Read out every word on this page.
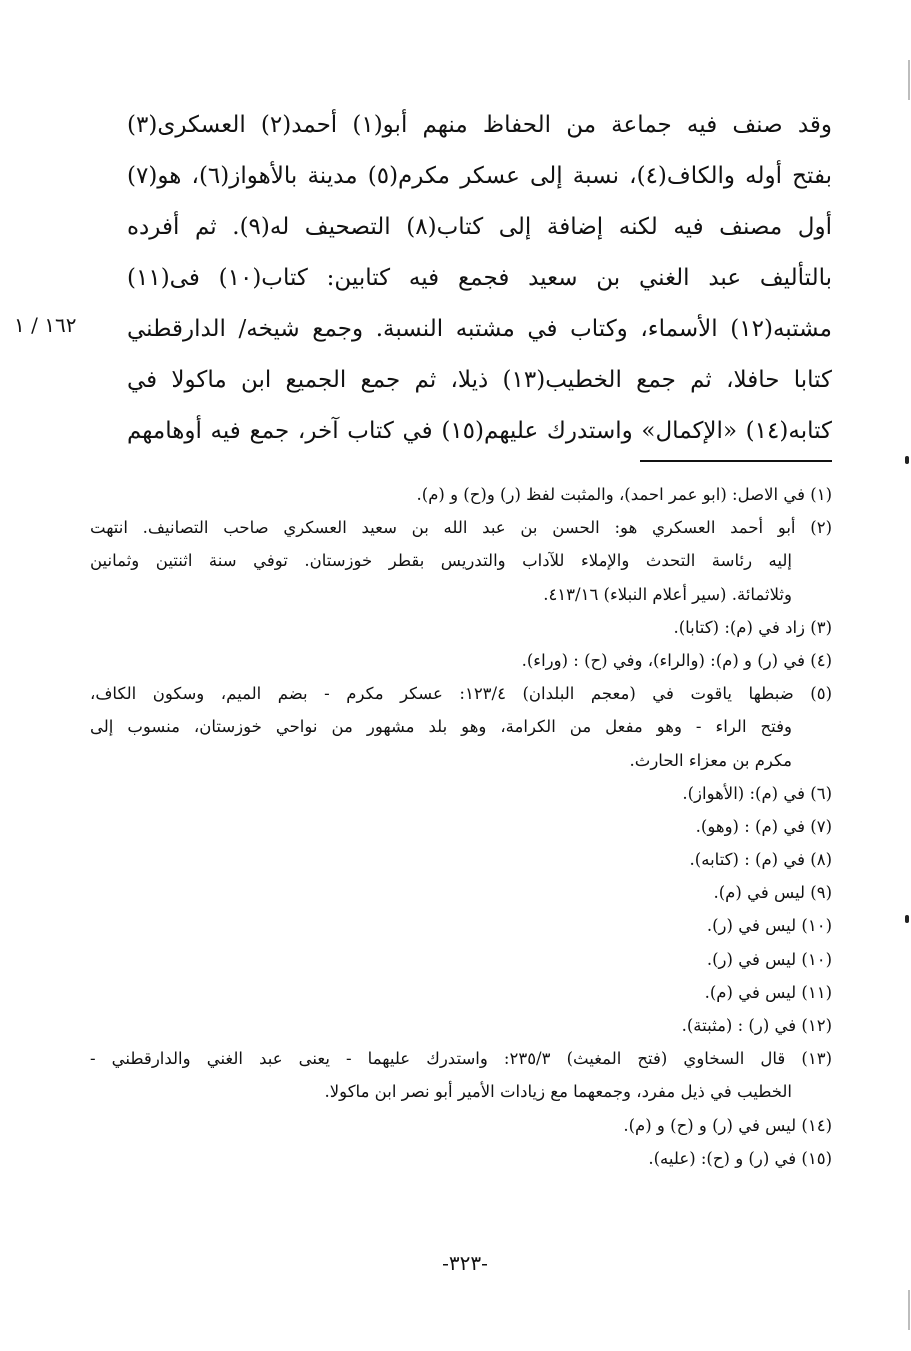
وقد صنف فيه جماعة من الحفاظ منهم أبو(١) أحمد(٢) العسكرى(٣)
بفتح أوله والكاف(٤)، نسبة إلى عسكر مكرم(٥) مدينة بالأهواز(٦)، هو(٧)
أول مصنف فيه لكنه إضافة إلى كتاب(٨) التصحيف له(٩). ثم أفرده
بالتأليف عبد الغني بن سعيد فجمع فيه كتابين: كتاب(١٠) فى(١١)
مشتبه(١٢) الأسماء، وكتاب في مشتبه النسبة. وجمع شيخه/ الدارقطني
كتابا حافلا، ثم جمع الخطيب(١٣) ذيلا، ثم جمع الجميع ابن ماكولا في
كتابه(١٤) «الإكمال» واستدرك عليهم(١٥) في كتاب آخر، جمع فيه أوهامهم
١٦٢ / ١
(١) في الاصل: (ابو عمر احمد)، والمثبت لفظ (ر) و(ح) و (م).
(٢) أبو أحمد العسكري هو: الحسن بن عبد الله بن سعيد العسكري صاحب التصانيف. انتهت
إليه رئاسة التحدث والإملاء للآداب والتدريس بقطر خوزستان. توفي سنة اثنتين وثمانين
وثلاثمائة. (سير أعلام النبلاء) ٤١٣/١٦.
(٣) زاد في (م): (كتابا).
(٤) في (ر) و (م): (والراء)، وفي (ح) : (وراء).
(٥) ضبطها ياقوت في (معجم البلدان) ١٢٣/٤: عسكر مكرم - بضم الميم، وسكون الكاف،
وفتح الراء - وهو مفعل من الكرامة، وهو بلد مشهور من نواحي خوزستان، منسوب إلى
مكرم بن معزاء الحارث.
(٦) في (م): (الأهواز).
(٧) في (م) : (وهو).
(٨) في (م) : (كتابه).
(٩) ليس في (م).
(١٠) ليس في (ر).
(١٠) ليس في (ر).
(١١) ليس في (م).
(١٢) في (ر) : (مثبتة).
(١٣) قال السخاوي (فتح المغيث) ٢٣٥/٣: واستدرك عليهما - يعنى عبد الغني والدارقطني -
الخطيب في ذيل مفرد، وجمعهما مع زيادات الأمير أبو نصر ابن ماكولا.
(١٤) ليس في (ر) و (ح) و (م).
(١٥) في (ر) و (ح): (عليه).
-٣٢٣-
